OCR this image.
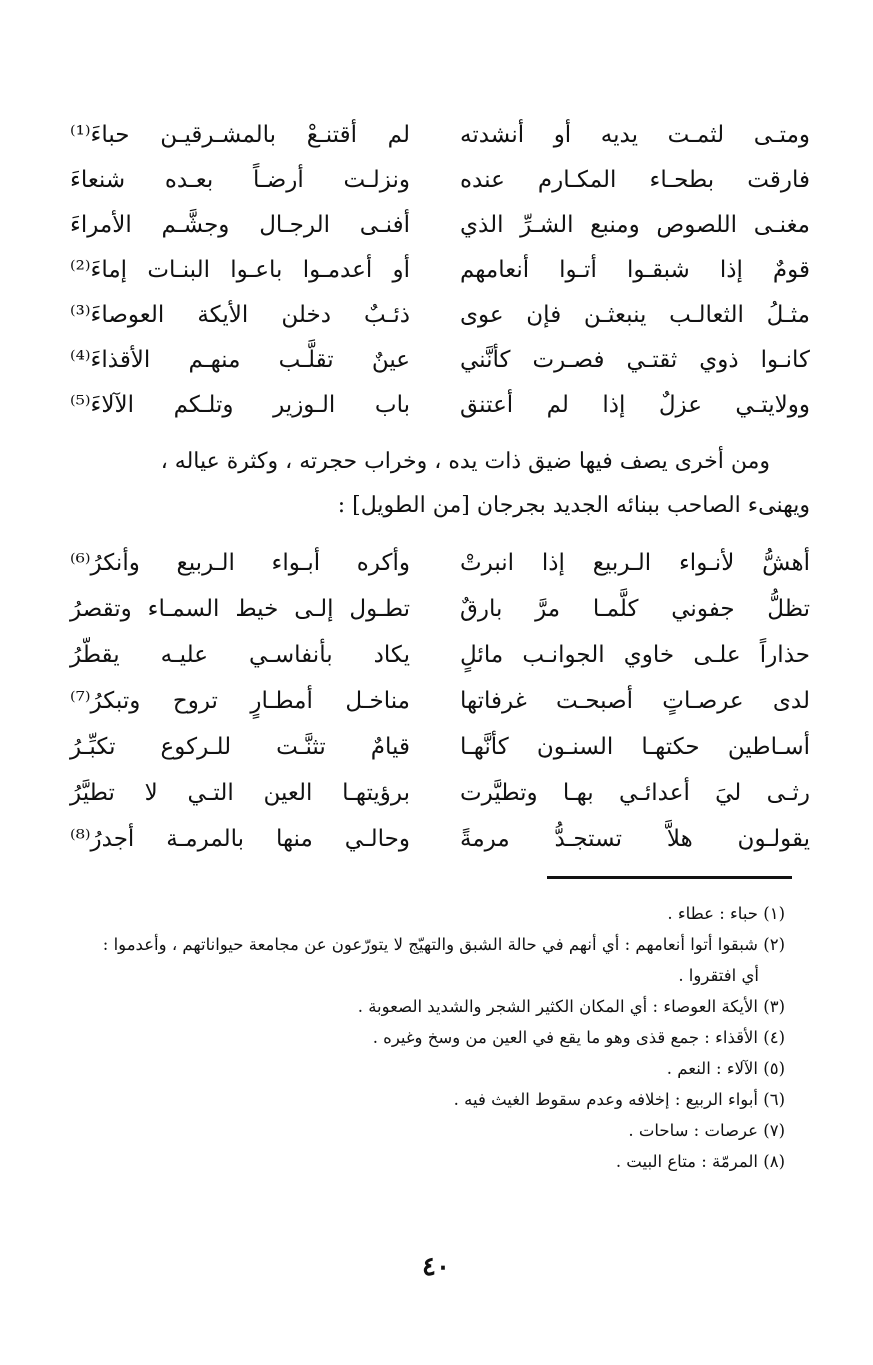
ومتـى لثمـت يديه أو أنشدته
لم أقتنـعْ بالمشـرقيـن حباءَ⁽¹⁾
فارقت بطحـاء المكـارم عنده
ونزلـت أرضـاً بعـده شنعاءَ
مغنـى اللصوص ومنبع الشـرِّ الذي
أفنـى الرجـال وجشَّـم الأمراءَ
قومٌ إذا شبقـوا أتـوا أنعامهم
أو أعدمـوا باعـوا البنـات إماءَ⁽²⁾
مثـلُ الثعالـب ينبعثـن فإن عوى
ذئـبٌ دخلن الأيكة العوصاءَ⁽³⁾
كانـوا ذوي ثقتـي فصـرت كأنَّني
عينٌ تقلَّـب منهـم الأقذاءَ⁽⁴⁾
وولايتـي عزلٌ إذا لم أعتنق
باب الـوزير وتلـكم الآلاءَ⁽⁵⁾

ومن أخرى يصف فيها ضيق ذات يده ، وخراب حجرته ، وكثرة عياله ،

ويهنىء الصاحب ببنائه الجديد بجرجان [من الطويل] :

أهشُّ لأنـواء الـربيع إذا انبرتْ
وأكره أبـواء الـربيع وأنكرُ⁽⁶⁾
تظلُّ جفوني كلَّمـا مرَّ بارقٌ
تطـول إلـى خيط السمـاء وتقصرُ
حذاراً علـى خاوي الجوانـب مائلٍ
يكاد بأنفاسـي عليـه يقطّرُ
لدى عرصـاتٍ أصبحـت غرفاتها
مناخـل أمطـارٍ تروح وتبكرُ⁽⁷⁾
أسـاطين حكتهـا السنـون كأنَّهـا
قيامٌ تثنَّـت للـركوع تكبِّـرُ
رثـى ليَ أعدائـي بهـا وتطيَّرت
برؤيتهـا العين التـي لا تطيَّرُ
يقولـون هلاَّ تستجـدُّ مرمةً
وحالـي منها بالمرمـة أجدرُ⁽⁸⁾
(١) حباء : عطاء .
(٢) شبقوا أتوا أنعامهم : أي أنهم في حالة الشبق والتهيّج لا يتورّعون عن مجامعة حيواناتهم ، وأعدموا :
أي افتقروا .
(٣) الأيكة العوصاء : أي المكان الكثير الشجر والشديد الصعوبة .
(٤) الأقذاء : جمع قذى وهو ما يقع في العين من وسخ وغيره .
(٥) الآلاء : النعم .
(٦) أبواء الربيع : إخلافه وعدم سقوط الغيث فيه .
(٧) عرصات : ساحات .
(٨) المرمّة : متاع البيت .
٤٠
